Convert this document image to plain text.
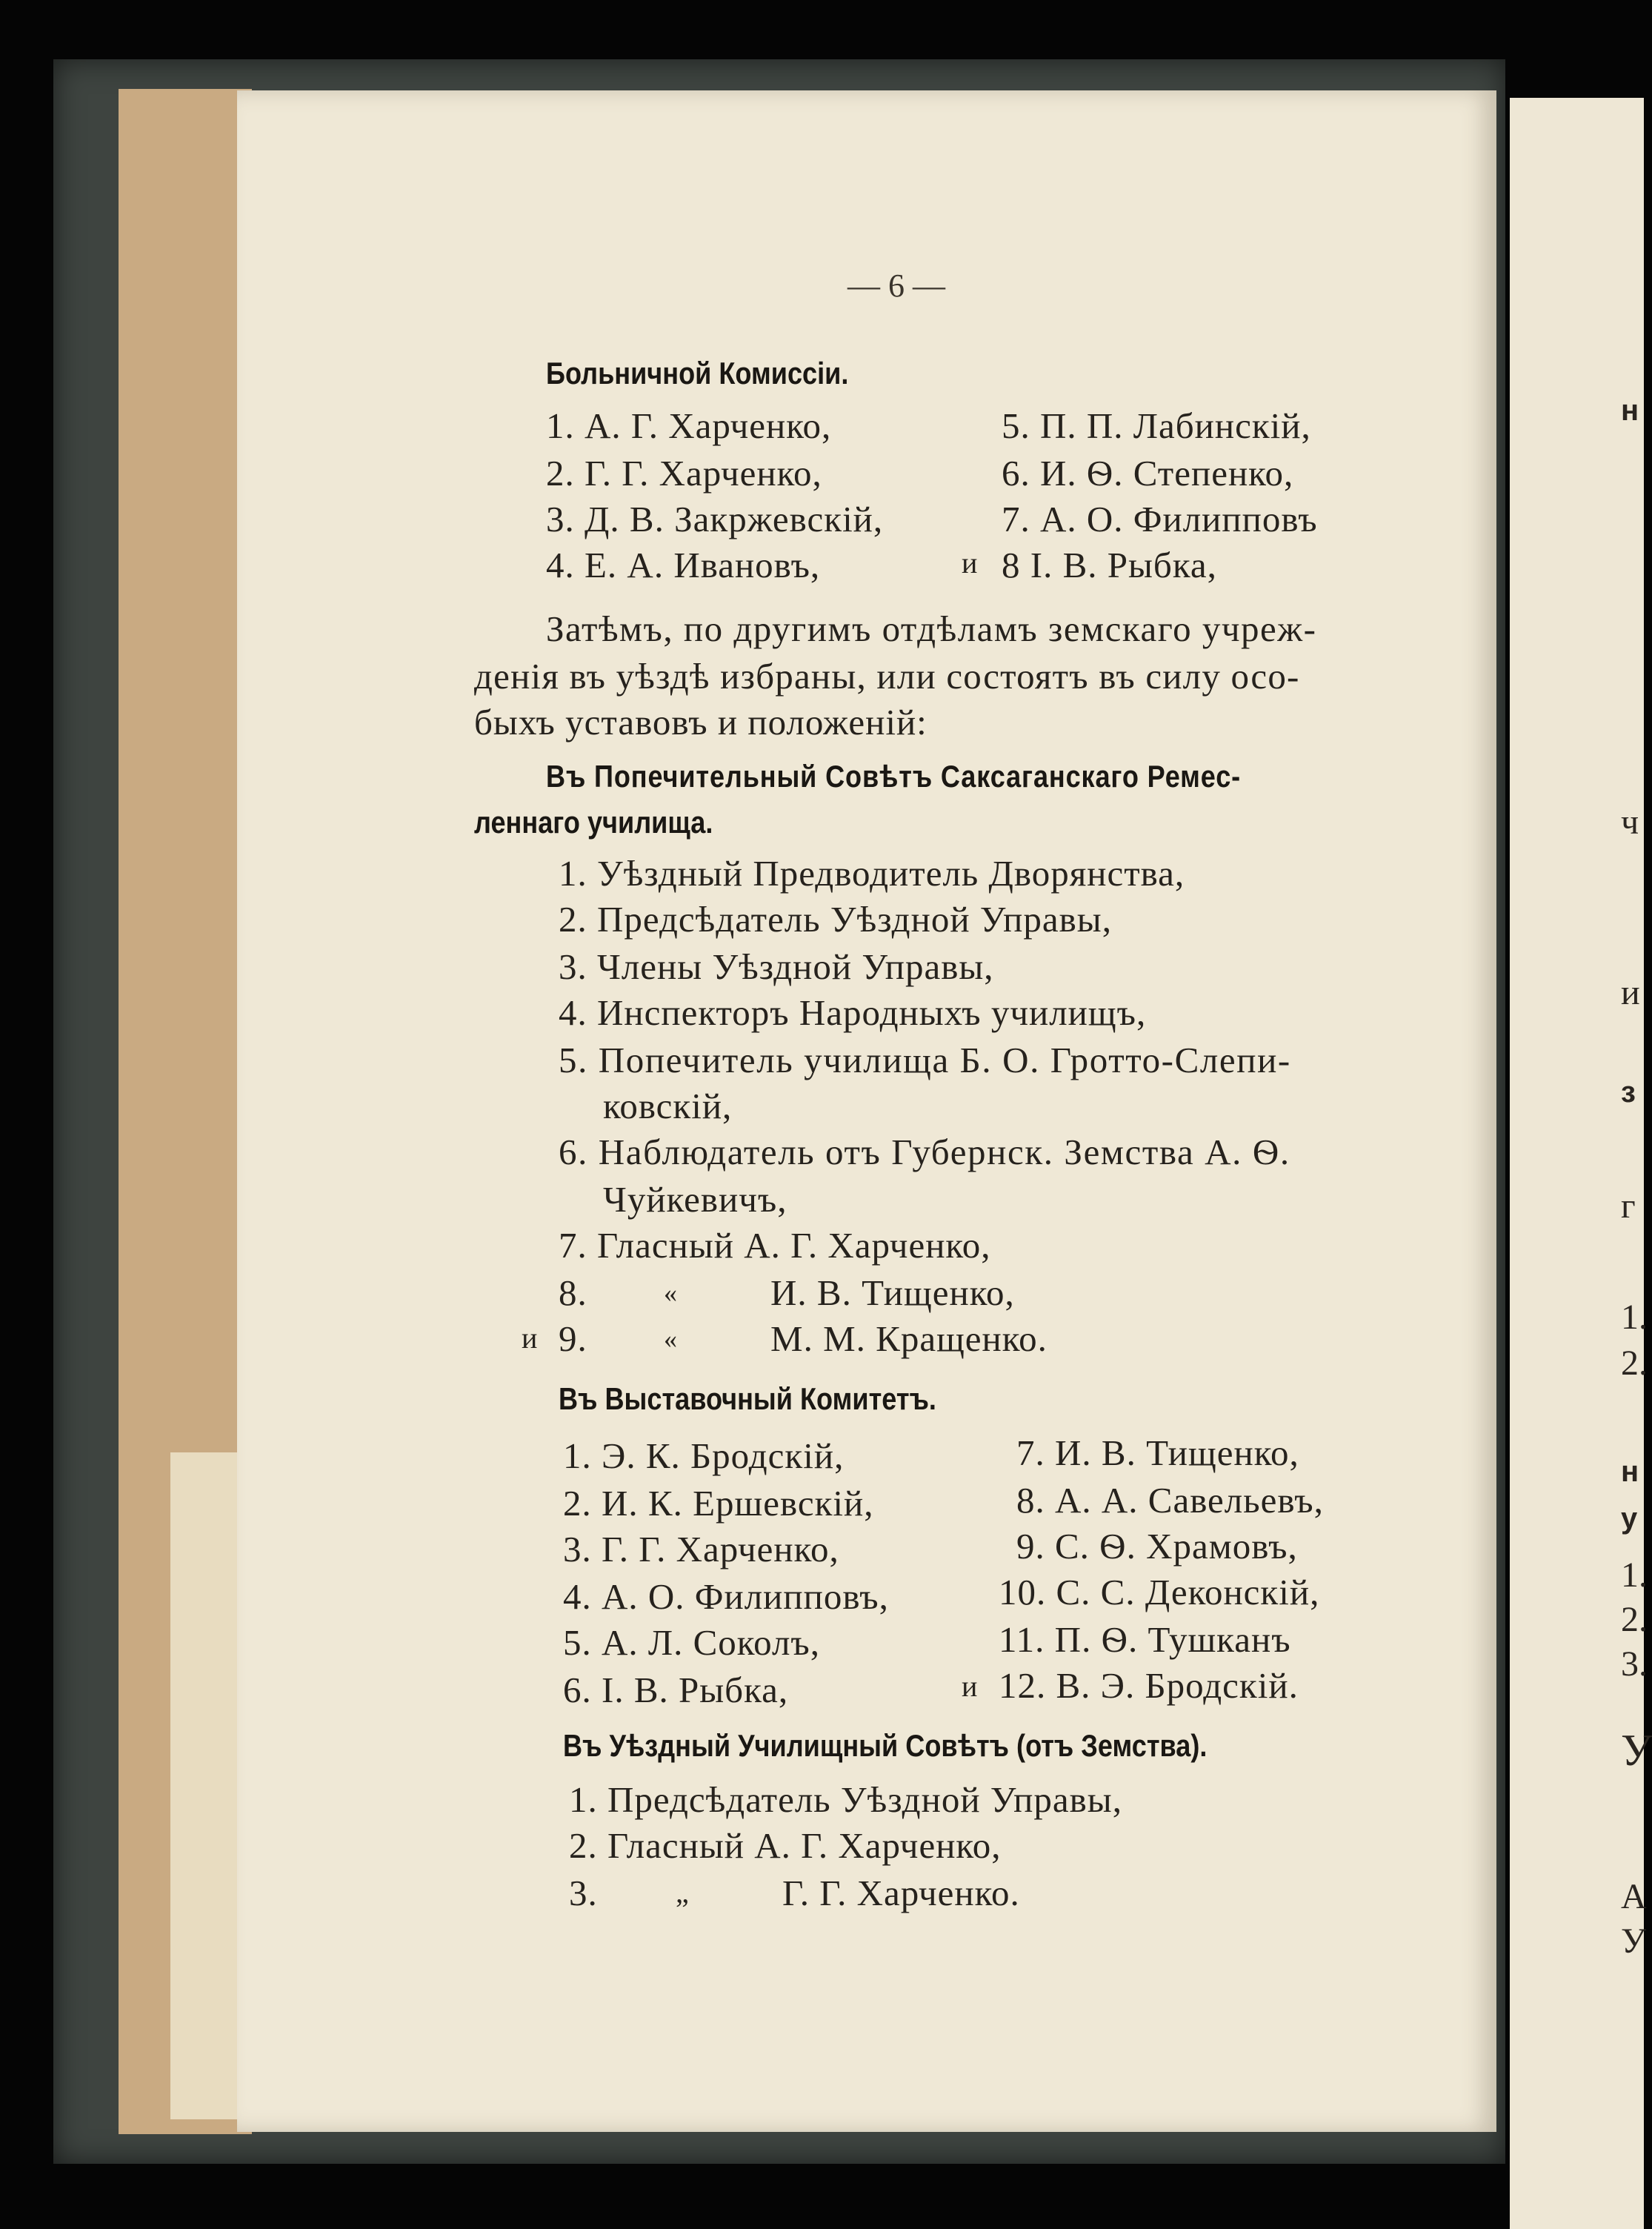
н
ч
и
з
г
1.
2.
н
у
1.
2.
3.
У
А
У
— 6 —
Больничной Комиссіи.
1. А. Г. Харченко,
2. Г. Г. Харченко,
3. Д. В. Закржевскій,
4. Е. А. Ивановъ,
5. П. П. Лабинскій,
6. И. Ѳ. Степенко,
7. А. О. Филипповъ
и 8 І. В. Рыбка,
Затѣмъ, по другимъ отдѣламъ земскаго учреж-
денія въ уѣздѣ избраны, или состоятъ въ силу осо-
быхъ уставовъ и положеній:
Въ Попечительный Совѣтъ Саксаганскаго Ремес-
леннаго училища.
1. Уѣздный Предводитель Дворянства,
2. Предсѣдатель Уѣздной Управы,
3. Члены Уѣздной Управы,
4. Инспекторъ Народныхъ училищъ,
5. Попечитель училища Б. О. Гротто-Слепи-
ковскій,
6. Наблюдатель отъ Губернск. Земства А. Ѳ.
Чуйкевичъ,
7. Гласный А. Г. Харченко,
8.	«	И. В. Тищенко,
и 9.	«	М. М. Кращенко.
Въ Выставочный Комитетъ.
1. Э. К. Бродскій,
2. И. К. Ершевскій,
3. Г. Г. Харченко,
4. А. О. Филипповъ,
5. А. Л. Соколъ,
6. І. В. Рыбка,
7. И. В. Тищенко,
8. А. А. Савельевъ,
9. С. Ѳ. Храмовъ,
10. С. С. Деконскій,
11. П. Ѳ. Тушканъ
и 12. В. Э. Бродскій.
Въ Уѣздный Училищный Совѣтъ (отъ Земства).
1. Предсѣдатель Уѣздной Управы,
2. Гласный А. Г. Харченко,
3.	„	Г. Г. Харченко.
